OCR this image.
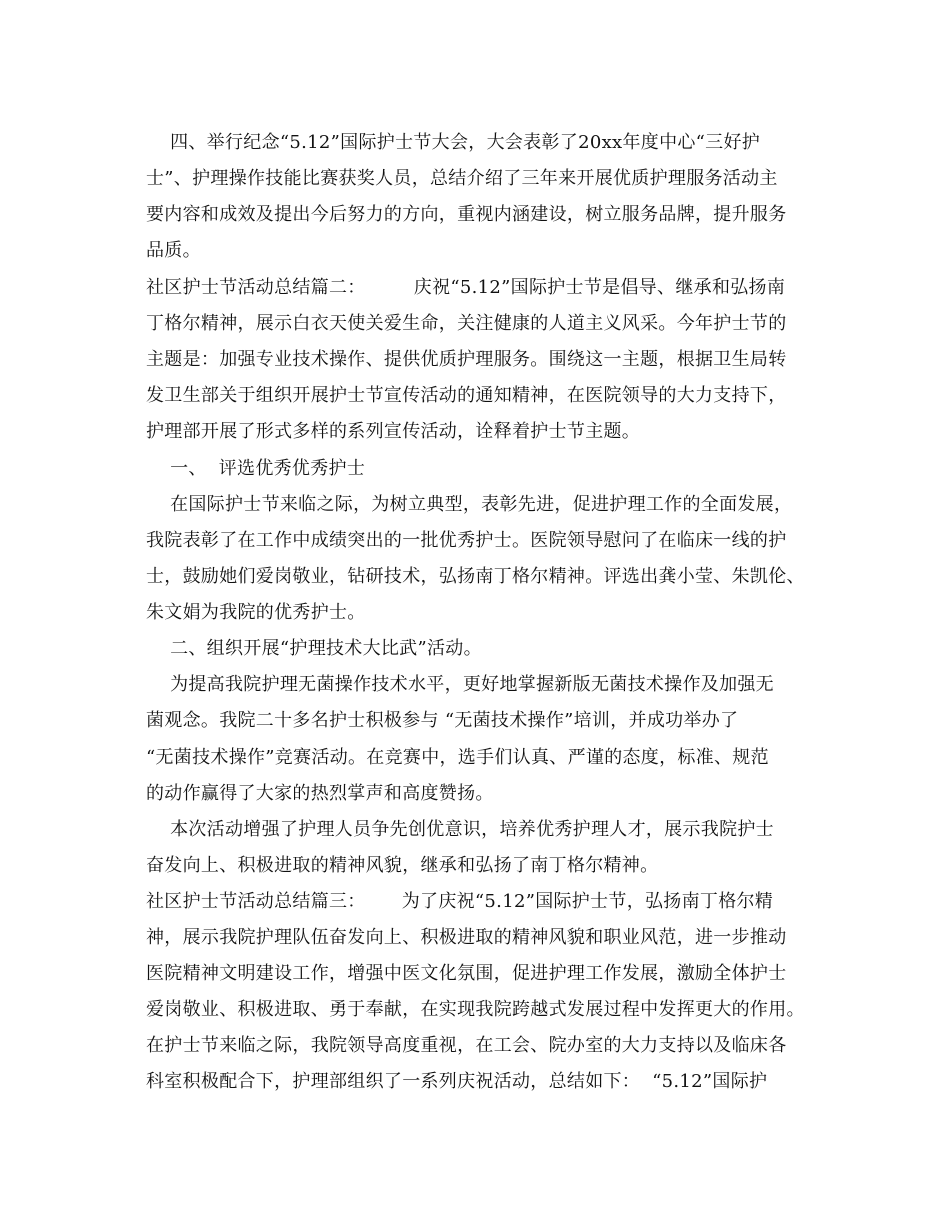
四、举行纪念“5.12”国际护士节大会，大会表彰了20xx年度中心“三好护
士”、护理操作技能比赛获奖人员，总结介绍了三年来开展优质护理服务活动主
要内容和成效及提出今后努力的方向，重视内涵建设，树立服务品牌，提升服务
品质。
社区护士节活动总结篇二：        庆祝“5.12”国际护士节是倡导、继承和弘扬南
丁格尔精神，展示白衣天使关爱生命，关注健康的人道主义风采。今年护士节的
主题是：加强专业技术操作、提供优质护理服务。围绕这一主题，根据卫生局转
发卫生部关于组织开展护士节宣传活动的通知精神，在医院领导的大力支持下，
护理部开展了形式多样的系列宣传活动，诠释着护士节主题。
一、  评选优秀优秀护士
在国际护士节来临之际，为树立典型，表彰先进，促进护理工作的全面发展，
我院表彰了在工作中成绩突出的一批优秀护士。医院领导慰问了在临床一线的护
士，鼓励她们爱岗敬业，钻研技术，弘扬南丁格尔精神。评选出龚小莹、朱凯伦、
朱文娟为我院的优秀护士。
二、组织开展“护理技术大比武”活动。
为提高我院护理无菌操作技术水平，更好地掌握新版无菌技术操作及加强无
菌观念。我院二十多名护士积极参与 “无菌技术操作”培训，并成功举办了
“无菌技术操作”竞赛活动。在竞赛中，选手们认真、严谨的态度，标准、规范
的动作赢得了大家的热烈掌声和高度赞扬。
本次活动增强了护理人员争先创优意识，培养优秀护理人才，展示我院护士
奋发向上、积极进取的精神风貌，继承和弘扬了南丁格尔精神。
社区护士节活动总结篇三：      为了庆祝“5.12”国际护士节，弘扬南丁格尔精
神，展示我院护理队伍奋发向上、积极进取的精神风貌和职业风范，进一步推动
医院精神文明建设工作，增强中医文化氛围，促进护理工作发展，激励全体护士
爱岗敬业、积极进取、勇于奉献，在实现我院跨越式发展过程中发挥更大的作用。
在护士节来临之际，我院领导高度重视，在工会、院办室的大力支持以及临床各
科室积极配合下，护理部组织了一系列庆祝活动，总结如下：  “5.12”国际护
